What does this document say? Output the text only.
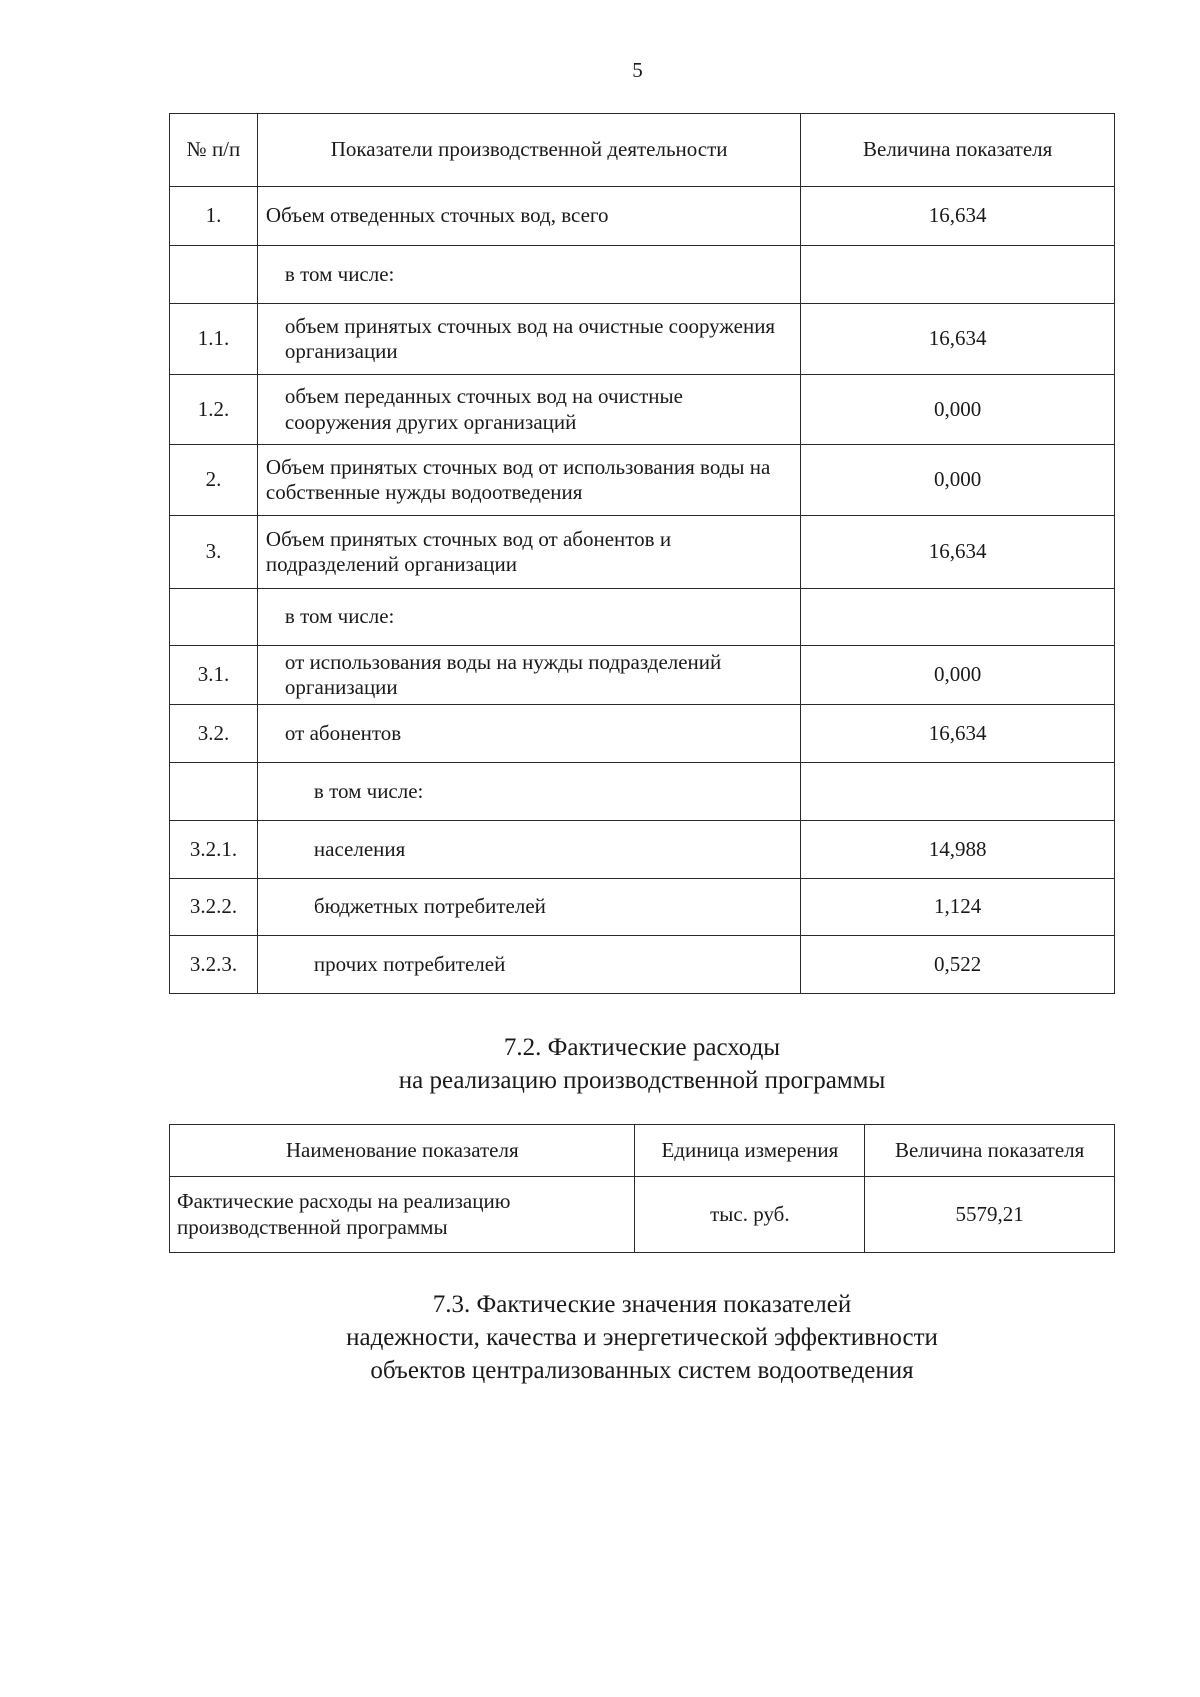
5
№ п/п	Показатели производственной деятельности	Величина показателя
1.	Объем отведенных сточных вод, всего	16,634
	в том числе:	
1.1.	объем принятых сточных вод на очистные сооружения организации	16,634
1.2.	объем переданных сточных вод на очистные сооружения других организаций	0,000
2.	Объем принятых сточных вод от использования воды на собственные нужды водоотведения	0,000
3.	Объем принятых сточных вод от абонентов и подразделений организации	16,634
	в том числе:	
3.1.	от использования воды на нужды подразделений организации	0,000
3.2.	от абонентов	16,634
	в том числе:	
3.2.1.	населения	14,988
3.2.2.	бюджетных потребителей	1,124
3.2.3.	прочих потребителей	0,522
7.2. Фактические расходы
на реализацию производственной программы
Наименование показателя	Единица измерения	Величина показателя
Фактические расходы на реализацию производственной программы	тыс. руб.	5579,21
7.3. Фактические значения показателей
надежности, качества и энергетической эффективности
объектов централизованных систем водоотведения
